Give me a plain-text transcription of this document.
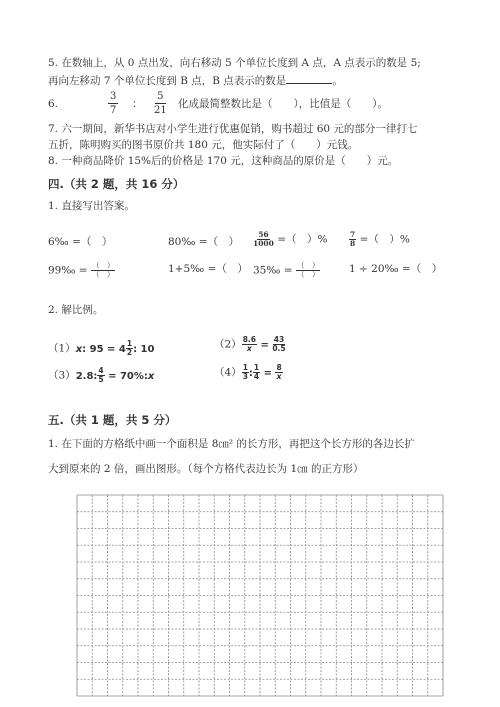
5. 在数轴上，从 0 点出发，向右移动 5 个单位长度到 A 点，A 点表示的数是 5;
再向左移动 7 个单位长度到 B 点，B 点表示的数是	。
6.	$\frac{3}{7}$ ： $\frac{5}{21}$ 化成最简整数比是（　　），比值是（　　）。
7. 六一期间，新华书店对小学生进行优惠促销，购书超过 60 元的部分一律打七
五折，陈明购买的图书原价共 180 元，他实际付了（　　）元钱。
8. 一种商品降价 15%后的价格是 170 元，这种商品的原价是（　　）元。
四.（共 2 题，共 16 分）
1. 直接写出答案。
6‰ =（　）	80‰ =（　） $\frac{56}{1000}$ =（　）%	$\frac{7}{8}$ =（　）%
99‰ = $\frac{( )}{( )}$	1+5‰ =（　） 35‰ = $\frac{( )}{( )}$	1 ÷ 20‰ =（　）
2. 解比例。
（1）x: $95 = 4 \frac{1}{2}$ : 10	$(2) \frac{8.6}{x} = \frac{43}{0.5}$
（3）2.8: $\frac{4}{5}$ = 70%:x	$(4) \frac{1}{3}$ : $\frac{1}{4} = \frac{8}{x}$
五.（共 1 题，共 5 分）
1. 在下面的方格纸中画一个面积是 8㎝² 的长方形，再把这个长方形的各边长扩
大到原来的 2 倍，画出图形。（每个方格代表边长为 1㎝ 的正方形）
